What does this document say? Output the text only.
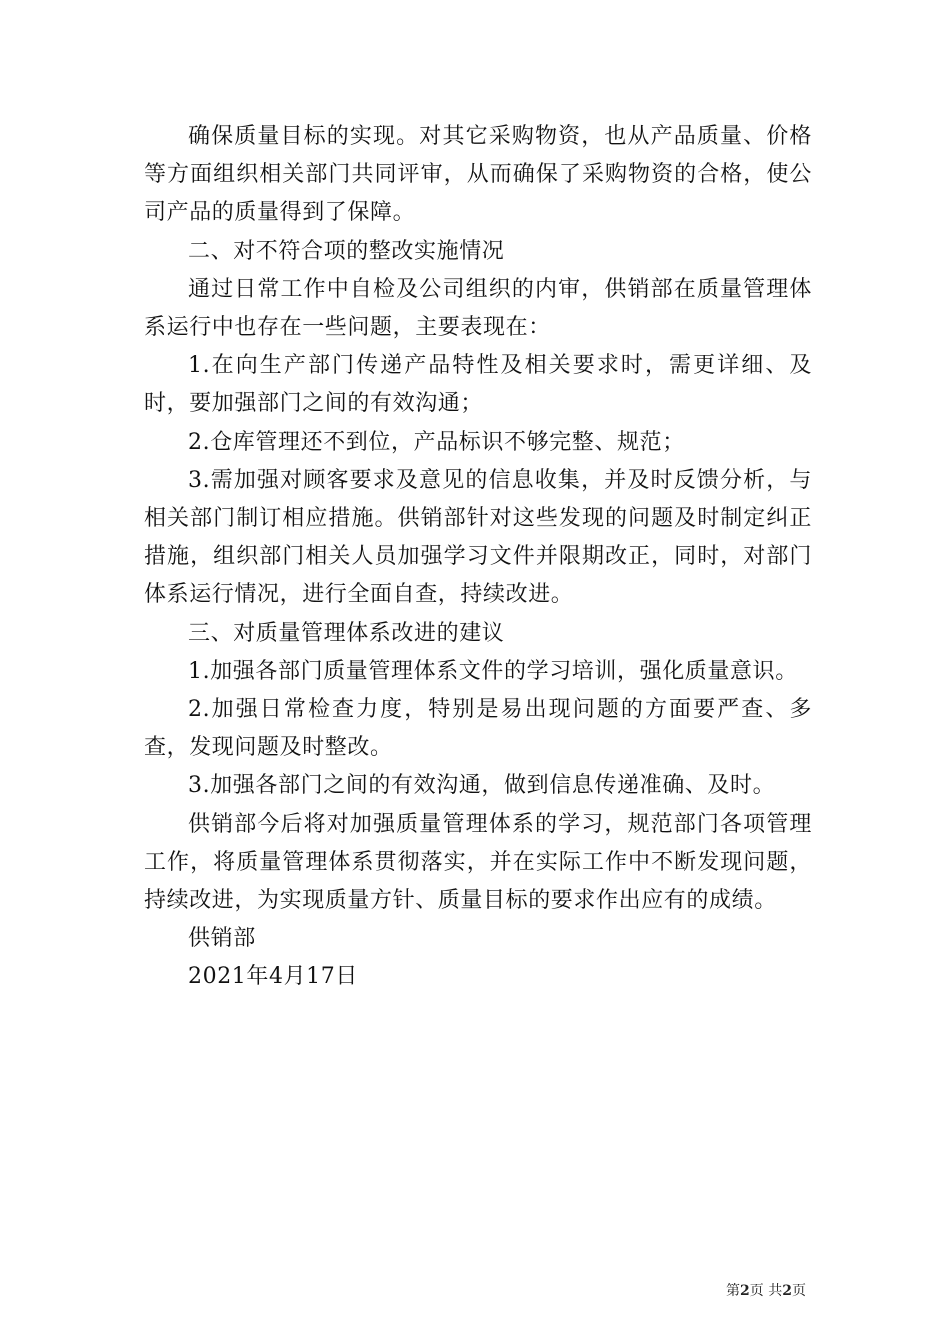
确保质量目标的实现。对其它采购物资，也从产品质量、价格等方面组织相关部门共同评审，从而确保了采购物资的合格，使公司产品的质量得到了保障。

二、对不符合项的整改实施情况

通过日常工作中自检及公司组织的内审，供销部在质量管理体系运行中也存在一些问题，主要表现在：

1.在向生产部门传递产品特性及相关要求时，需更详细、及时，要加强部门之间的有效沟通；

2.仓库管理还不到位，产品标识不够完整、规范；

3.需加强对顾客要求及意见的信息收集，并及时反馈分析，与相关部门制订相应措施。供销部针对这些发现的问题及时制定纠正措施，组织部门相关人员加强学习文件并限期改正，同时，对部门体系运行情况，进行全面自查，持续改进。

三、对质量管理体系改进的建议

1.加强各部门质量管理体系文件的学习培训，强化质量意识。

2.加强日常检查力度，特别是易出现问题的方面要严查、多查，发现问题及时整改。

3.加强各部门之间的有效沟通，做到信息传递准确、及时。

供销部今后将对加强质量管理体系的学习，规范部门各项管理工作，将质量管理体系贯彻落实，并在实际工作中不断发现问题，持续改进，为实现质量方针、质量目标的要求作出应有的成绩。

供销部

2021年4月17日

第2页 共2页
